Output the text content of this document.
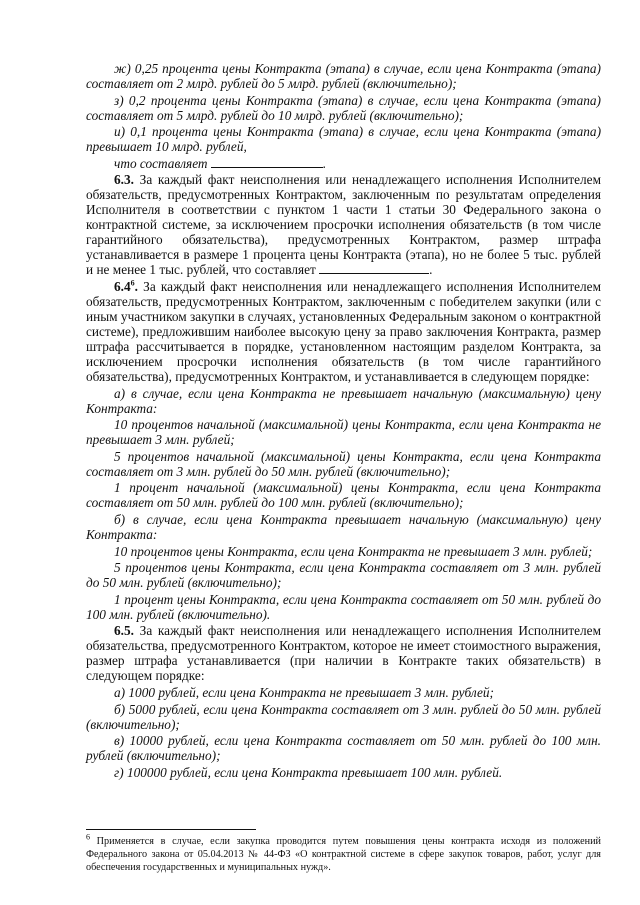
ж) 0,25 процента цены Контракта (этапа) в случае, если цена Контракта (этапа) составляет от 2 млрд. рублей до 5 млрд. рублей (включительно);

з) 0,2 процента цены Контракта (этапа) в случае, если цена Контракта (этапа) составляет от 5 млрд. рублей до 10 млрд. рублей (включительно);

и) 0,1 процента цены Контракта (этапа) в случае, если цена Контракта (этапа) превышает 10 млрд. рублей,

что составляет	.

6.3. За каждый факт неисполнения или ненадлежащего исполнения Исполнителем обязательств, предусмотренных Контрактом, заключенным по результатам определения Исполнителя в соответствии с пунктом 1 части 1 статьи 30 Федерального закона о контрактной системе, за исключением просрочки исполнения обязательств (в том числе гарантийного обязательства), предусмотренных Контрактом, размер штрафа устанавливается в размере 1 процента цены Контракта (этапа), но не более 5 тыс. рублей и не менее 1 тыс. рублей, что составляет	.

$6.4^6$. За каждый факт неисполнения или ненадлежащего исполнения Исполнителем обязательств, предусмотренных Контрактом, заключенным с победителем закупки (или с иным участником закупки в случаях, установленных Федеральным законом о контрактной системе), предложившим наиболее высокую цену за право заключения Контракта, размер штрафа рассчитывается в порядке, установленном настоящим разделом Контракта, за исключением просрочки исполнения обязательств (в том числе гарантийного обязательства), предусмотренных Контрактом, и устанавливается в следующем порядке:

а) в случае, если цена Контракта не превышает начальную (максимальную) цену Контракта:

10 процентов начальной (максимальной) цены Контракта, если цена Контракта не превышает 3 млн. рублей;

5 процентов начальной (максимальной) цены Контракта, если цена Контракта составляет от 3 млн. рублей до 50 млн. рублей (включительно);

1 процент начальной (максимальной) цены Контракта, если цена Контракта составляет от 50 млн. рублей до 100 млн. рублей (включительно);

б) в случае, если цена Контракта превышает начальную (максимальную) цену Контракта:

10 процентов цены Контракта, если цена Контракта не превышает 3 млн. рублей;

5 процентов цены Контракта, если цена Контракта составляет от 3 млн. рублей до 50 млн. рублей (включительно);

1 процент цены Контракта, если цена Контракта составляет от 50 млн. рублей до 100 млн. рублей (включительно).

6.5. За каждый факт неисполнения или ненадлежащего исполнения Исполнителем обязательства, предусмотренного Контрактом, которое не имеет стоимостного выражения, размер штрафа устанавливается (при наличии в Контракте таких обязательств) в следующем порядке:

а) 1000 рублей, если цена Контракта не превышает 3 млн. рублей;

б) 5000 рублей, если цена Контракта составляет от 3 млн. рублей до 50 млн. рублей (включительно);

в) 10000 рублей, если цена Контракта составляет от 50 млн. рублей до 100 млн. рублей (включительно);

г) 100000 рублей, если цена Контракта превышает 100 млн. рублей.

$^6$ Применяется в случае, если закупка проводится путем повышения цены контракта исходя из положений Федерального закона от 05.04.2013 № 44-ФЗ «О контрактной системе в сфере закупок товаров, работ, услуг для обеспечения государственных и муниципальных нужд».
